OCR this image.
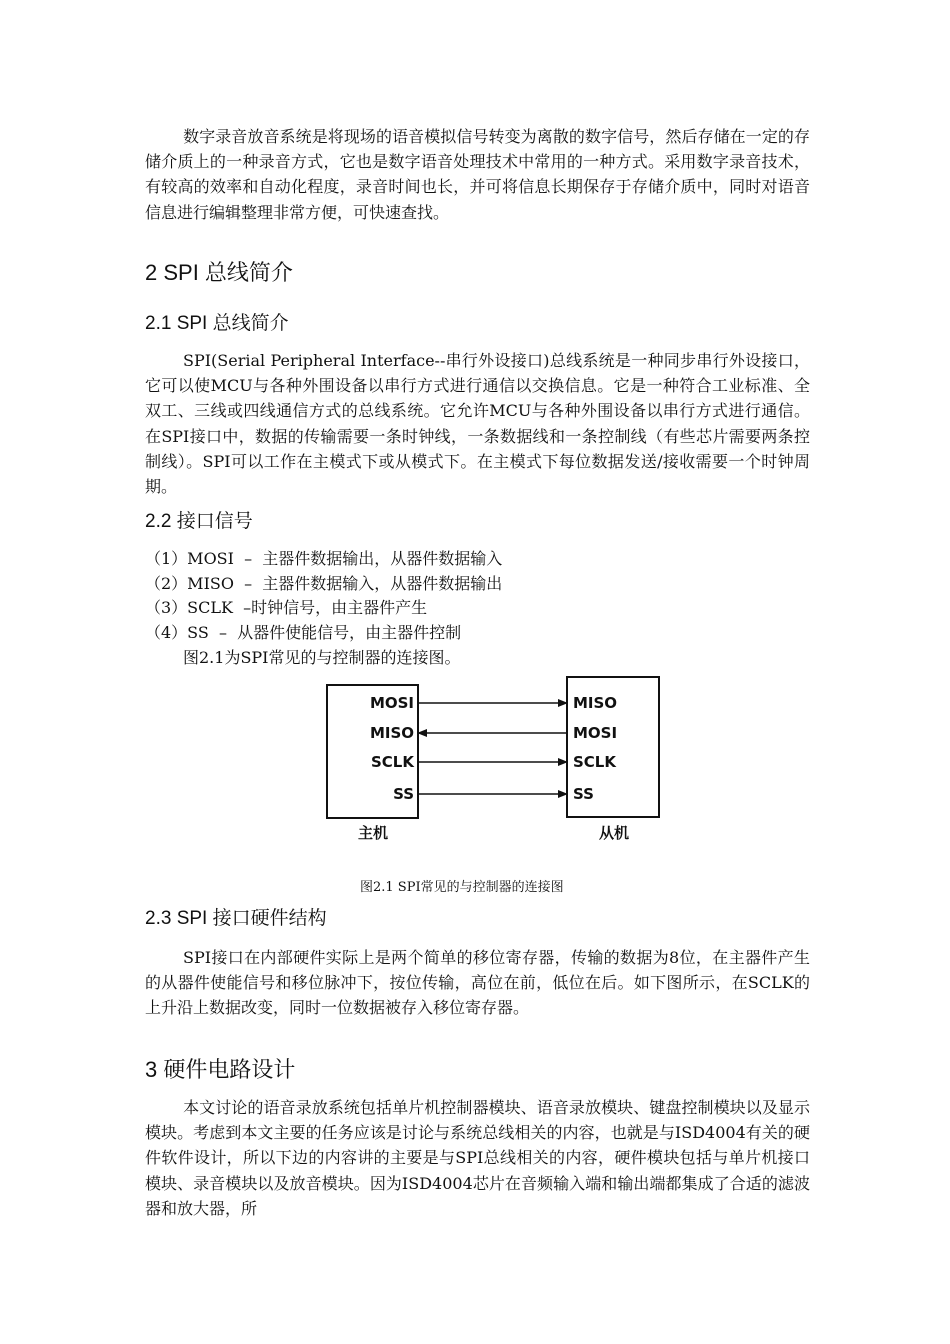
数字录音放音系统是将现场的语音模拟信号转变为离散的数字信号，然后存储在一定的存储介质上的一种录音方式，它也是数字语音处理技术中常用的一种方式。采用数字录音技术，有较高的效率和自动化程度，录音时间也长，并可将信息长期保存于存储介质中，同时对语音信息进行编辑整理非常方便，可快速查找。

2 SPI 总线简介
2.1 SPI 总线简介

SPI(Serial Peripheral Interface--串行外设接口)总线系统是一种同步串行外设接口，它可以使MCU与各种外围设备以串行方式进行通信以交换信息。它是一种符合工业标准、全双工、三线或四线通信方式的总线系统。它允许MCU与各种外围设备以串行方式进行通信。在SPI接口中，数据的传输需要一条时钟线，一条数据线和一条控制线（有些芯片需要两条控制线）。SPI可以工作在主模式下或从模式下。在主模式下每位数据发送/接收需要一个时钟周期。

2.2 接口信号

（1）MOSI  –  主器件数据输出，从器件数据输入

（2）MISO  –  主器件数据输入，从器件数据输出

（3）SCLK  –时钟信号，由主器件产生

（4）SS  –  从器件使能信号，由主器件控制

图2.1为SPI常见的与控制器的连接图。

MOSI	MISO
MISO	MOSI
SCLK	SCLK
SS	SS
主机	从机
图2.1 SPI常见的与控制器的连接图
2.3 SPI 接口硬件结构

SPI接口在内部硬件实际上是两个简单的移位寄存器，传输的数据为8位，在主器件产生的从器件使能信号和移位脉冲下，按位传输，高位在前，低位在后。如下图所示，在SCLK的上升沿上数据改变，同时一位数据被存入移位寄存器。

3 硬件电路设计

本文讨论的语音录放系统包括单片机控制器模块、语音录放模块、键盘控制模块以及显示模块。考虑到本文主要的任务应该是讨论与系统总线相关的内容，也就是与ISD4004有关的硬件软件设计，所以下边的内容讲的主要是与SPI总线相关的内容，硬件模块包括与单片机接口模块、录音模块以及放音模块。因为ISD4004芯片在音频输入端和输出端都集成了合适的滤波器和放大器，所
